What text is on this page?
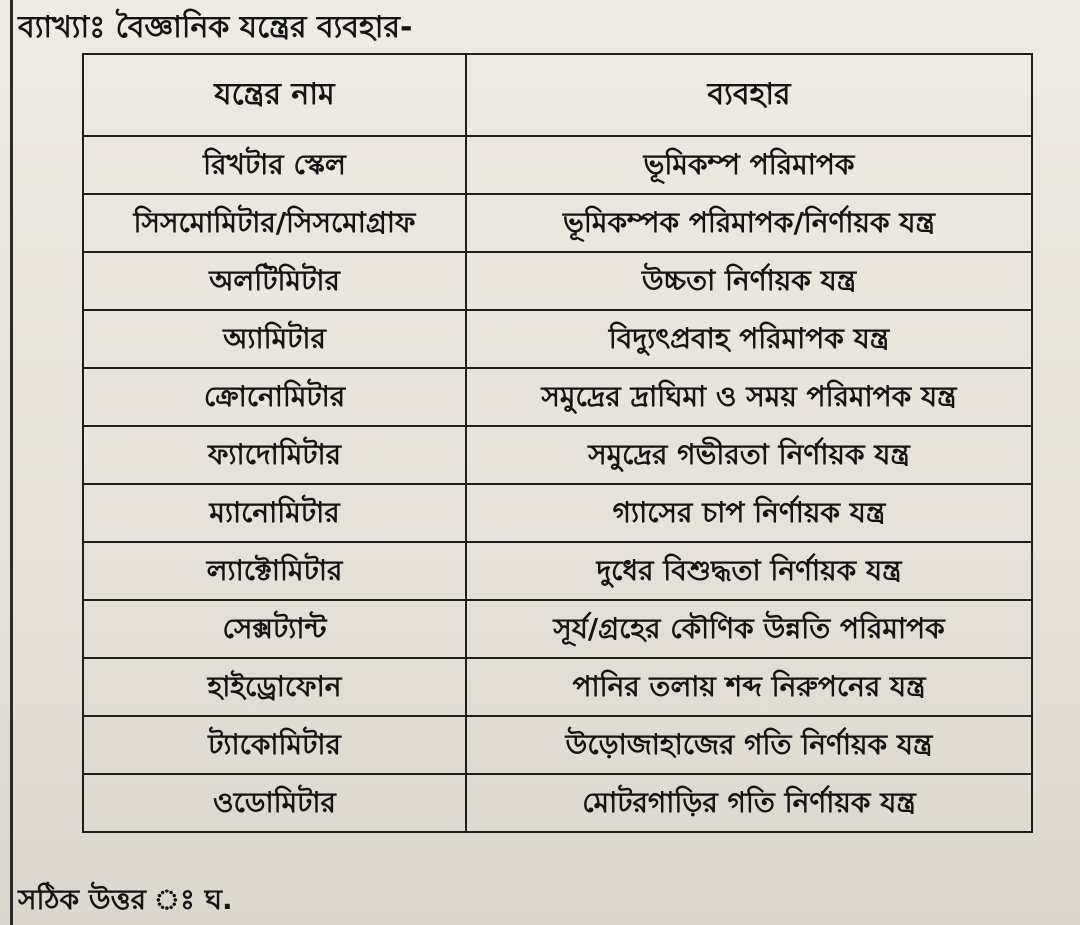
ব্যাখ্যাঃ বৈজ্ঞানিক যন্ত্রের ব্যবহার-
যন্ত্রের নাম	ব্যবহার
রিখটার স্কেল	ভূমিকম্প পরিমাপক
সিসমোমিটার/সিসমোগ্রাফ	ভূমিকম্পক পরিমাপক/নির্ণায়ক যন্ত্র
অলটিমিটার	উচ্চতা নির্ণায়ক যন্ত্র
অ্যামিটার	বিদ্যুৎপ্রবাহ পরিমাপক যন্ত্র
ক্রোনোমিটার	সমুদ্রের দ্রাঘিমা ও সময় পরিমাপক যন্ত্র
ফ্যাদোমিটার	সমুদ্রের গভীরতা নির্ণায়ক যন্ত্র
ম্যানোমিটার	গ্যাসের চাপ নির্ণায়ক যন্ত্র
ল্যাক্টোমিটার	দুধের বিশুদ্ধতা নির্ণায়ক যন্ত্র
সেক্সট্যান্ট	সূর্য/গ্রহের কৌণিক উন্নতি পরিমাপক
হাইড্রোফোন	পানির তলায় শব্দ নিরুপনের যন্ত্র
ট্যাকোমিটার	উড়োজাহাজের গতি নির্ণায়ক যন্ত্র
ওডোমিটার	মোটরগাড়ির গতি নির্ণায়ক যন্ত্র
সঠিক উত্তর ঃ ঘ.
